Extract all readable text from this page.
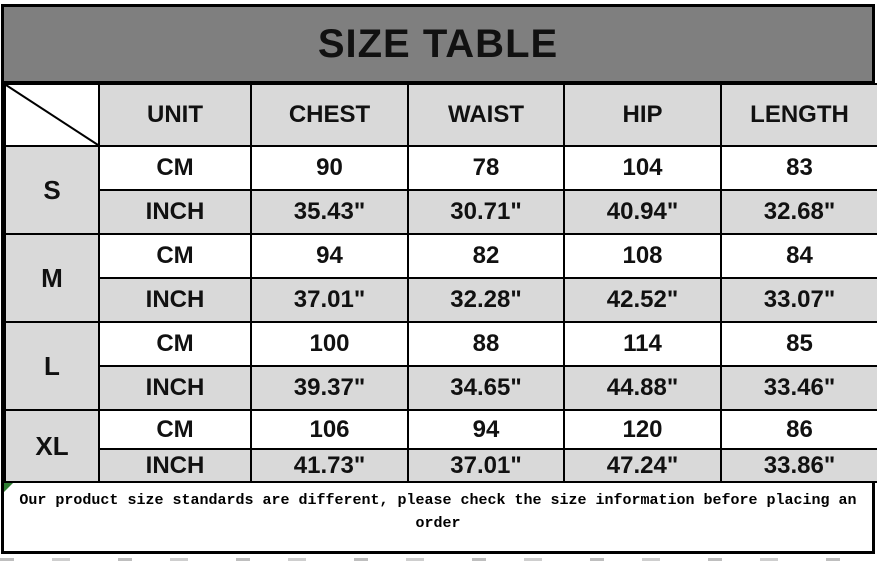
SIZE TABLE
	UNIT	CHEST	WAIST	HIP	LENGTH
S	CM	90	78	104	83
	INCH	35.43"	30.71"	40.94"	32.68"
M	CM	94	82	108	84
	INCH	37.01"	32.28"	42.52"	33.07"
L	CM	100	88	114	85
	INCH	39.37"	34.65"	44.88"	33.46"
XL	CM	106	94	120	86
	INCH	41.73"	37.01"	47.24"	33.86"
Our product size standards are different, please check the size information before placing an order
